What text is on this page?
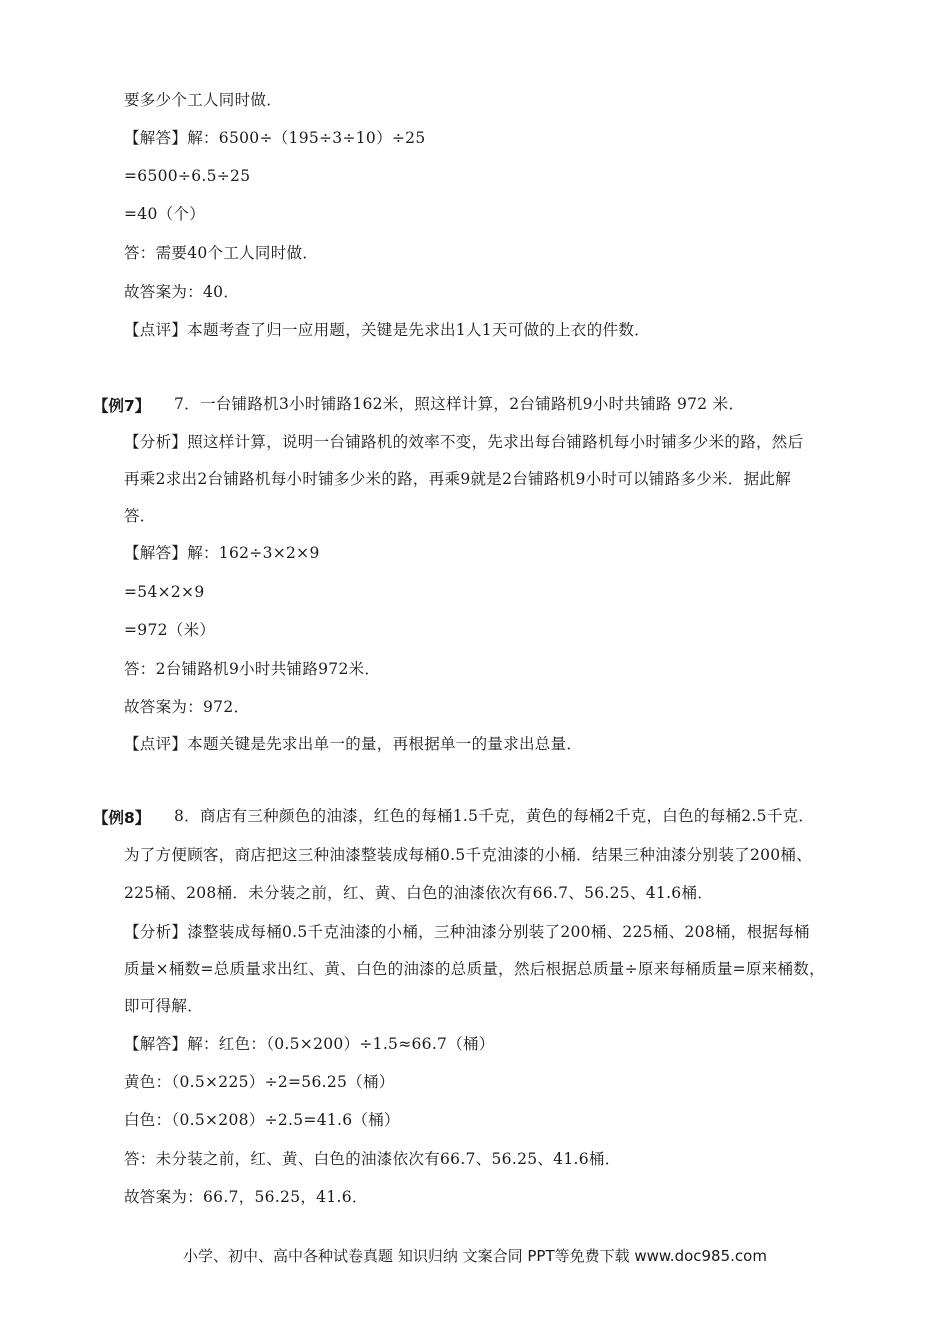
要多少个工人同时做．
【解答】解：6500÷（195÷3÷10）÷25
=6500÷6.5÷25
=40（个）
答：需要40个工人同时做．
故答案为：40．
【点评】本题考查了归一应用题，关键是先求出1人1天可做的上衣的件数．
【例7】 7．一台铺路机3小时铺路162米，照这样计算，2台铺路机9小时共铺路 972 米．
【分析】照这样计算，说明一台铺路机的效率不变，先求出每台铺路机每小时铺多少米的路，然后
再乘2求出2台铺路机每小时铺多少米的路，再乘9就是2台铺路机9小时可以铺路多少米．据此解
答．
【解答】解：162÷3×2×9
=54×2×9
=972（米）
答：2台铺路机9小时共铺路972米．
故答案为：972．
【点评】本题关键是先求出单一的量，再根据单一的量求出总量．
【例8】 8．商店有三种颜色的油漆，红色的每桶1.5千克，黄色的每桶2千克，白色的每桶2.5千克．
为了方便顾客，商店把这三种油漆整装成每桶0.5千克油漆的小桶．结果三种油漆分别装了200桶、
225桶、208桶．未分装之前，红、黄、白色的油漆依次有66.7、56.25、41.6桶．
【分析】漆整装成每桶0.5千克油漆的小桶，三种油漆分别装了200桶、225桶、208桶，根据每桶
质量×桶数=总质量求出红、黄、白色的油漆的总质量，然后根据总质量÷原来每桶质量=原来桶数，
即可得解．
【解答】解：红色：（0.5×200）÷1.5≈66.7（桶）
黄色：（0.5×225）÷2=56.25（桶）
白色：（0.5×208）÷2.5=41.6（桶）
答：未分装之前，红、黄、白色的油漆依次有66.7、56.25、41.6桶．
故答案为：66.7，56.25，41.6．
小学、初中、高中各种试卷真题 知识归纳 文案合同 PPT等免费下载 www.doc985.com
